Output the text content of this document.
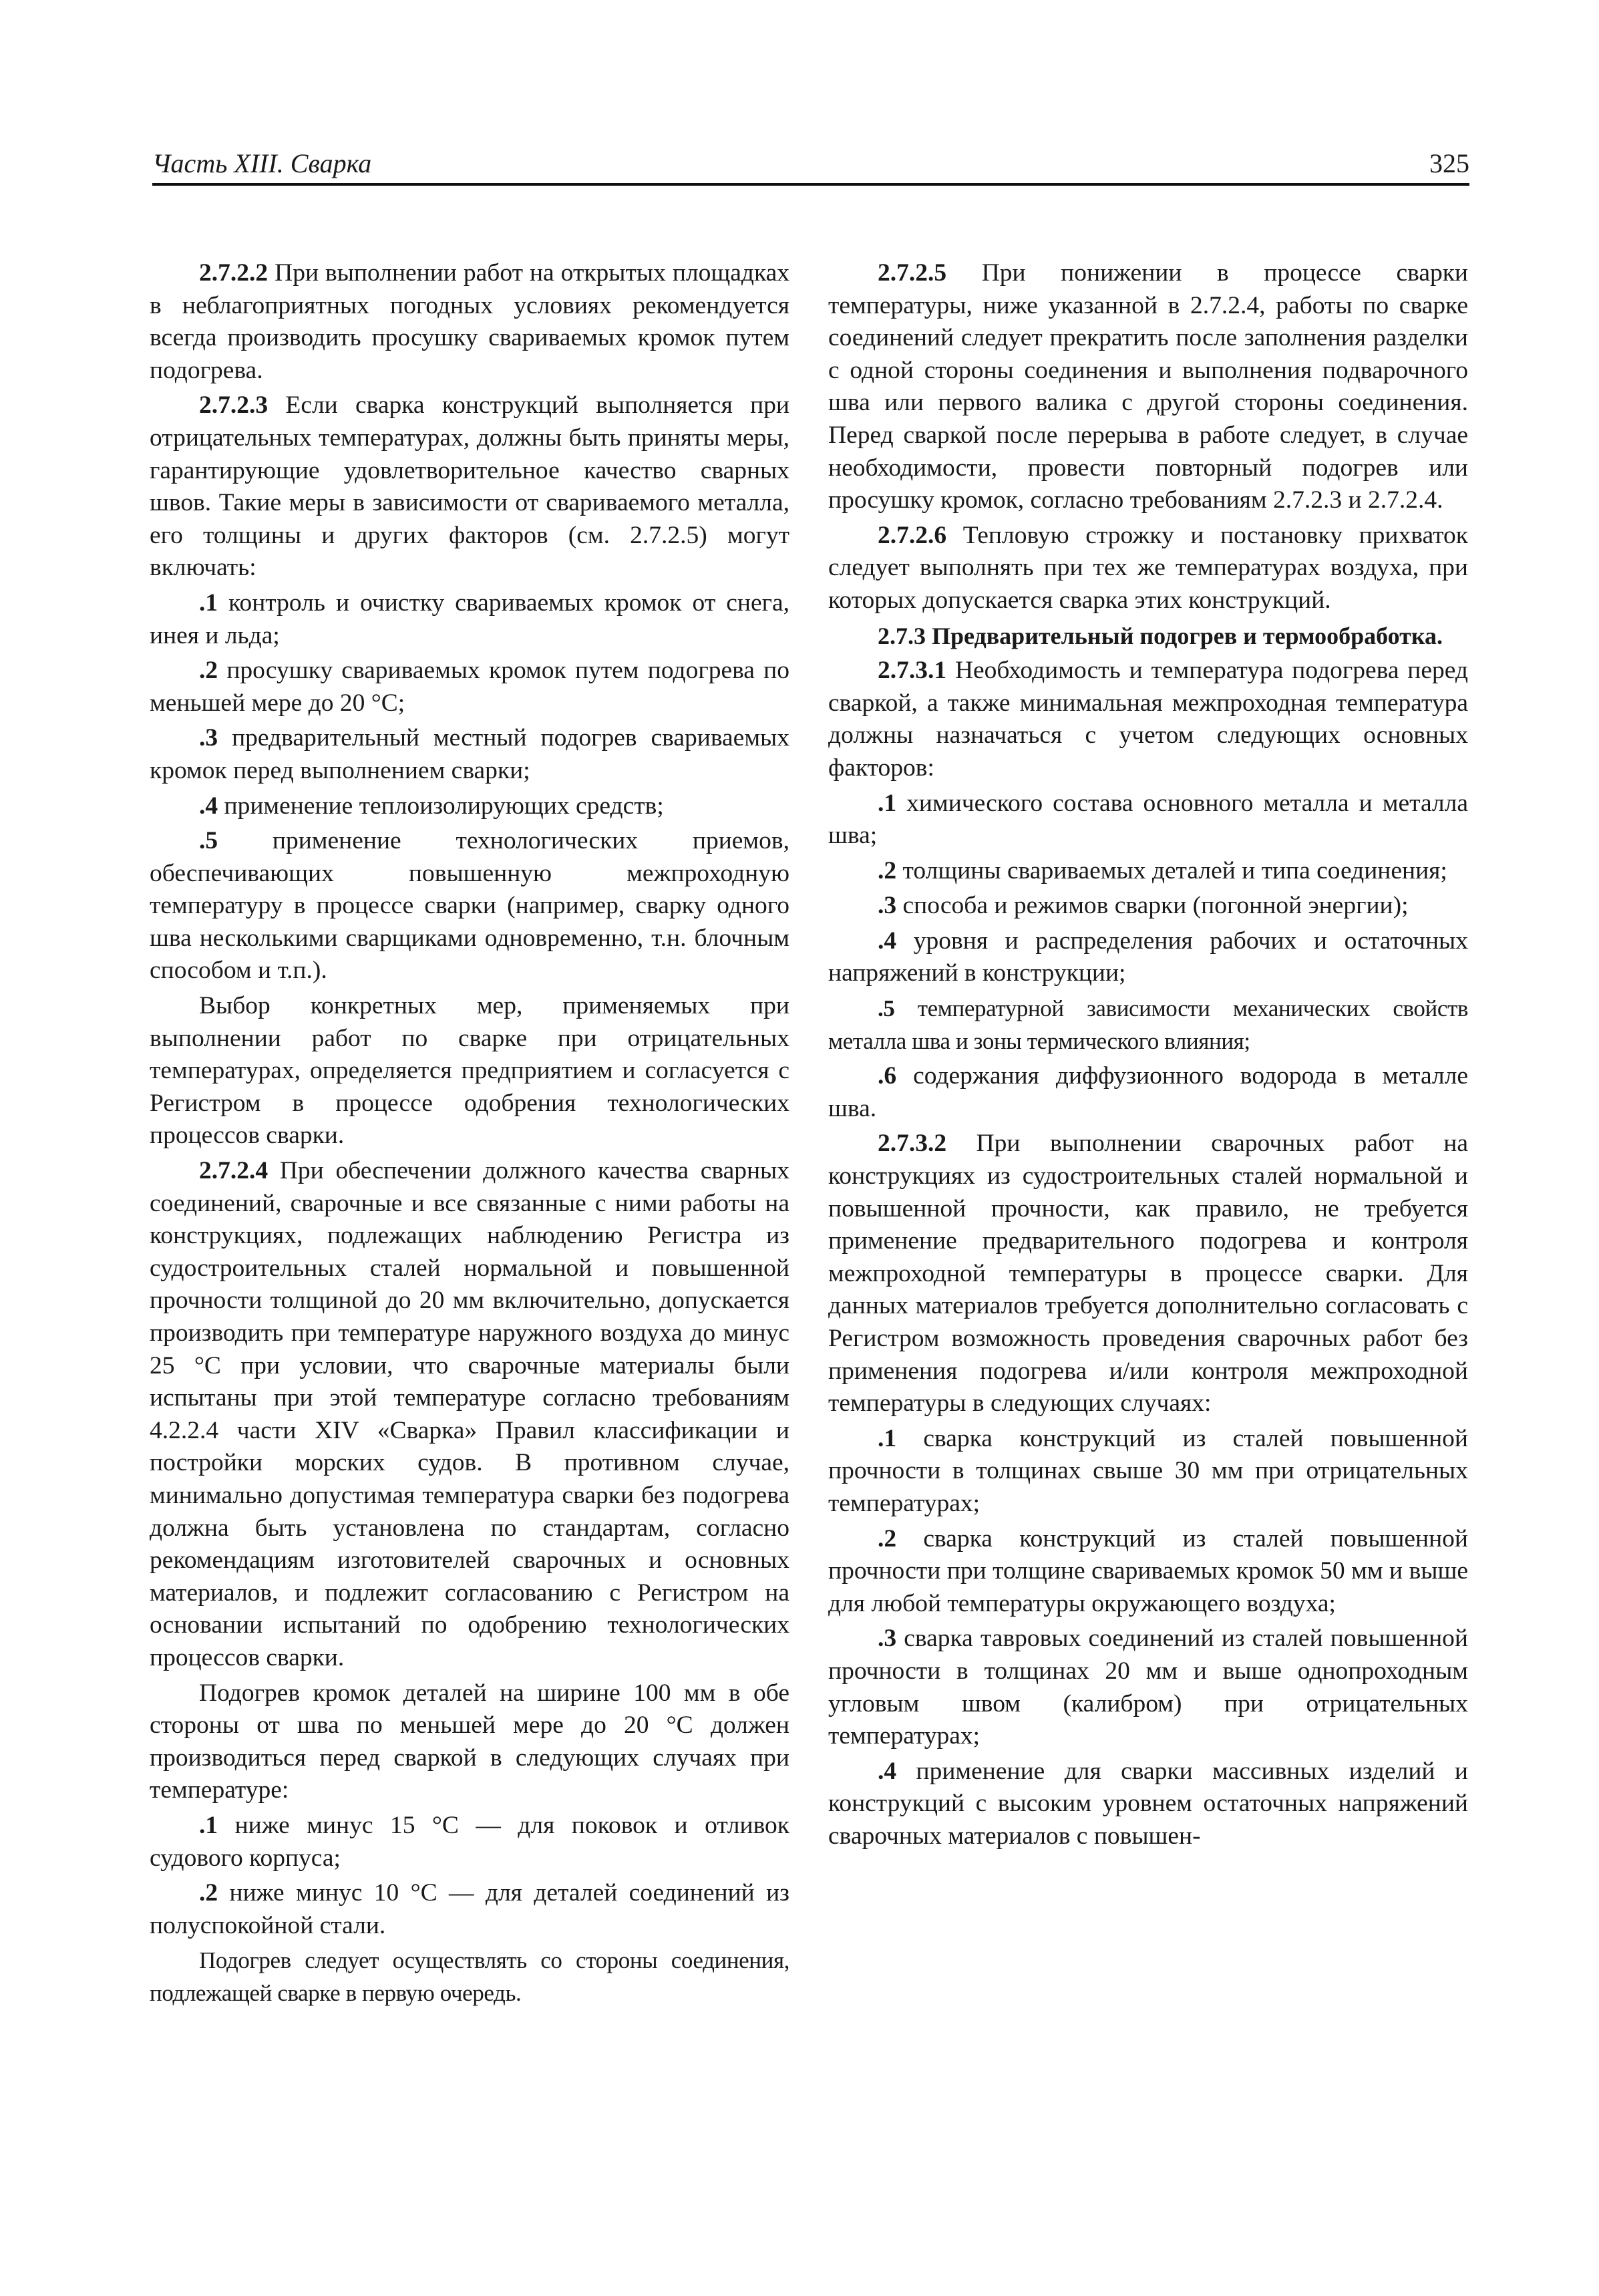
Часть XIII. Сварка	325

2.7.2.2 При выполнении работ на открытых площадках в неблагоприятных погодных условиях рекомендуется всегда производить просушку свариваемых кромок путем подогрева.

2.7.2.3 Если сварка конструкций выполняется при отрицательных температурах, должны быть приняты меры, гарантирующие удовлетворительное качество сварных швов. Такие меры в зависимости от свариваемого металла, его толщины и других факторов (см. 2.7.2.5) могут включать:

.1 контроль и очистку свариваемых кромок от снега, инея и льда;

.2 просушку свариваемых кромок путем подогрева по меньшей мере до 20 °С;

.3 предварительный местный подогрев свариваемых кромок перед выполнением сварки;

.4 применение теплоизолирующих средств;

.5 применение технологических приемов, обеспечивающих повышенную межпроходную температуру в процессе сварки (например, сварку одного шва несколькими сварщиками одновременно, т.н. блочным способом и т.п.).

Выбор конкретных мер, применяемых при выполнении работ по сварке при отрицательных температурах, определяется предприятием и согласуется с Регистром в процессе одобрения технологических процессов сварки.

2.7.2.4 При обеспечении должного качества сварных соединений, сварочные и все связанные с ними работы на конструкциях, подлежащих наблюдению Регистра из судостроительных сталей нормальной и повышенной прочности толщиной до 20 мм включительно, допускается производить при температуре наружного воздуха до минус 25 °С при условии, что сварочные материалы были испытаны при этой температуре согласно требованиям 4.2.2.4 части XIV «Сварка» Правил классификации и постройки морских судов. В противном случае, минимально допустимая температура сварки без подогрева должна быть установлена по стандартам, согласно рекомендациям изготовителей сварочных и основных материалов, и подлежит согласованию с Регистром на основании испытаний по одобрению технологических процессов сварки.

Подогрев кромок деталей на ширине 100 мм в обе стороны от шва по меньшей мере до 20 °С должен производиться перед сваркой в следующих случаях при температуре:

.1 ниже минус 15 °С — для поковок и отливок судового корпуса;

.2 ниже минус 10 °С — для деталей соединений из полуспокойной стали.

Подогрев следует осуществлять со стороны соединения, подлежащей сварке в первую очередь.

2.7.2.5 При понижении в процессе сварки температуры, ниже указанной в 2.7.2.4, работы по сварке соединений следует прекратить после заполнения разделки с одной стороны соединения и выполнения подварочного шва или первого валика с другой стороны соединения. Перед сваркой после перерыва в работе следует, в случае необходимости, провести повторный подогрев или просушку кромок, согласно требованиям 2.7.2.3 и 2.7.2.4.

2.7.2.6 Тепловую строжку и постановку прихваток следует выполнять при тех же температурах воздуха, при которых допускается сварка этих конструкций.

2.7.3 Предварительный подогрев и термообработка.

2.7.3.1 Необходимость и температура подогрева перед сваркой, а также минимальная межпроходная температура должны назначаться с учетом следующих основных факторов:

.1 химического состава основного металла и металла шва;

.2 толщины свариваемых деталей и типа соединения;

.3 способа и режимов сварки (погонной энергии);

.4 уровня и распределения рабочих и остаточных напряжений в конструкции;

.5 температурной зависимости механических свойств металла шва и зоны термического влияния;

.6 содержания диффузионного водорода в металле шва.

2.7.3.2 При выполнении сварочных работ на конструкциях из судостроительных сталей нормальной и повышенной прочности, как правило, не требуется применение предварительного подогрева и контроля межпроходной температуры в процессе сварки. Для данных материалов требуется дополнительно согласовать с Регистром возможность проведения сварочных работ без применения подогрева и/или контроля межпроходной температуры в следующих случаях:

.1 сварка конструкций из сталей повышенной прочности в толщинах свыше 30 мм при отрицательных температурах;

.2 сварка конструкций из сталей повышенной прочности при толщине свариваемых кромок 50 мм и выше для любой температуры окружающего воздуха;

.3 сварка тавровых соединений из сталей повышенной прочности в толщинах 20 мм и выше однопроходным угловым швом (калибром) при отрицательных температурах;

.4 применение для сварки массивных изделий и конструкций с высоким уровнем остаточных напряжений сварочных материалов с повышен-
